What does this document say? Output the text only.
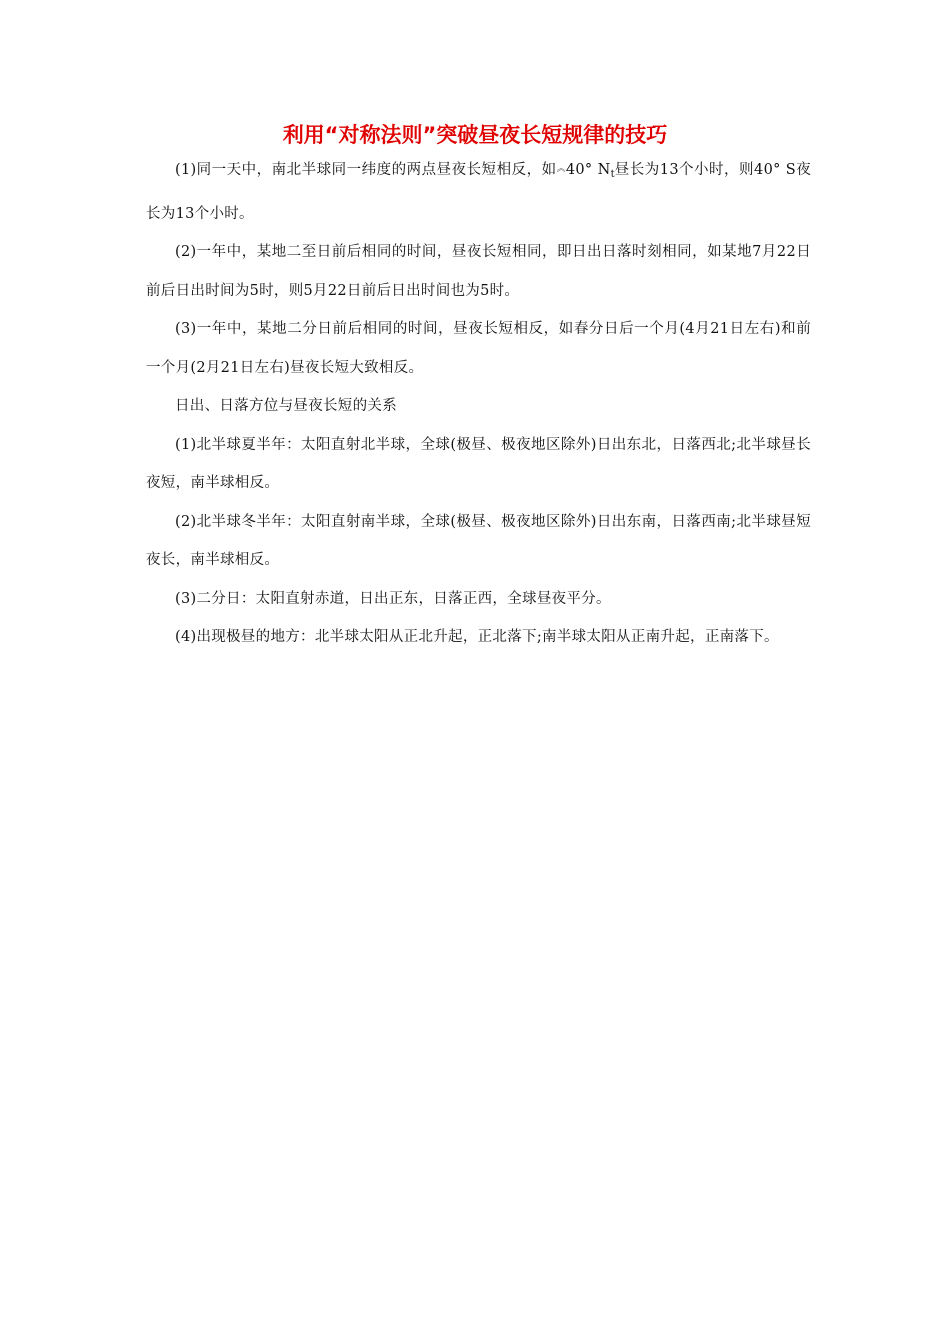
利用“对称法则”突破昼夜长短规律的技巧

(1)同一天中，南北半球同一纬度的两点昼夜长短相反，如︽40° $N_t$昼长为13个小时，则40° S夜长为13个小时。

(2)一年中，某地二至日前后相同的时间，昼夜长短相同，即日出日落时刻相同，如某地7月22日前后日出时间为5时，则5月22日前后日出时间也为5时。

(3)一年中，某地二分日前后相同的时间，昼夜长短相反，如春分日后一个月(4月21日左右)和前一个月(2月21日左右)昼夜长短大致相反。

日出、日落方位与昼夜长短的关系

(1)北半球夏半年：太阳直射北半球，全球(极昼、极夜地区除外)日出东北，日落西北;北半球昼长夜短，南半球相反。

(2)北半球冬半年：太阳直射南半球，全球(极昼、极夜地区除外)日出东南，日落西南;北半球昼短夜长，南半球相反。

(3)二分日：太阳直射赤道，日出正东，日落正西，全球昼夜平分。

(4)出现极昼的地方：北半球太阳从正北升起，正北落下;南半球太阳从正南升起，正南落下。
